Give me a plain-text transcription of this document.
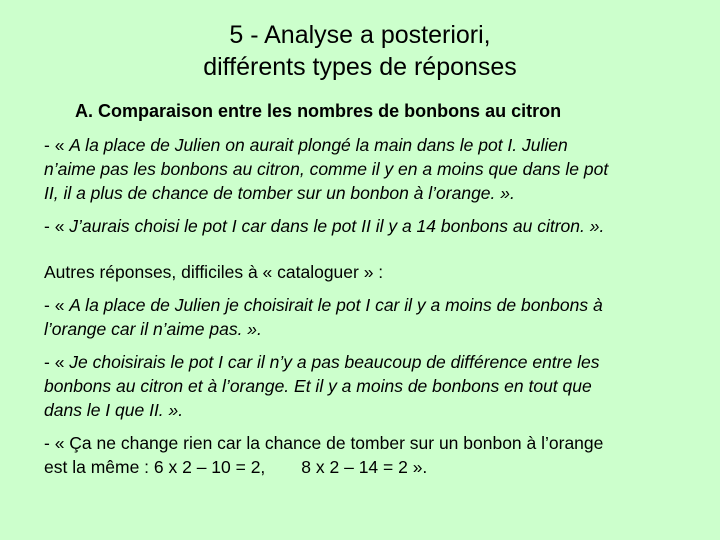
5 - Analyse a posteriori,
différents types de réponses
A. Comparaison entre les nombres de bonbons au citron

- « A la place de Julien on aurait plongé la main dans le pot I. Julien
n’aime pas les bonbons au citron, comme il y en a moins que dans le pot
II, il a plus de chance de tomber sur un bonbon à l’orange. ».

- « J’aurais choisi le pot I car dans le pot II il y a 14 bonbons au citron. ».

Autres réponses, difficiles à « cataloguer » :

- « A la place de Julien je choisirait le pot I car il y a moins de bonbons à
l’orange car il n’aime pas. ».

- « Je choisirais le pot I car il n’y a pas beaucoup de différence entre les
bonbons au citron et à l’orange. Et il y a moins de bonbons en tout que
dans le I que II. ».

- « Ça ne change rien car la chance de tomber sur un bonbon à l’orange
est la même : 6 x 2 – 10 = 2, 8 x 2 – 14 = 2 ».
